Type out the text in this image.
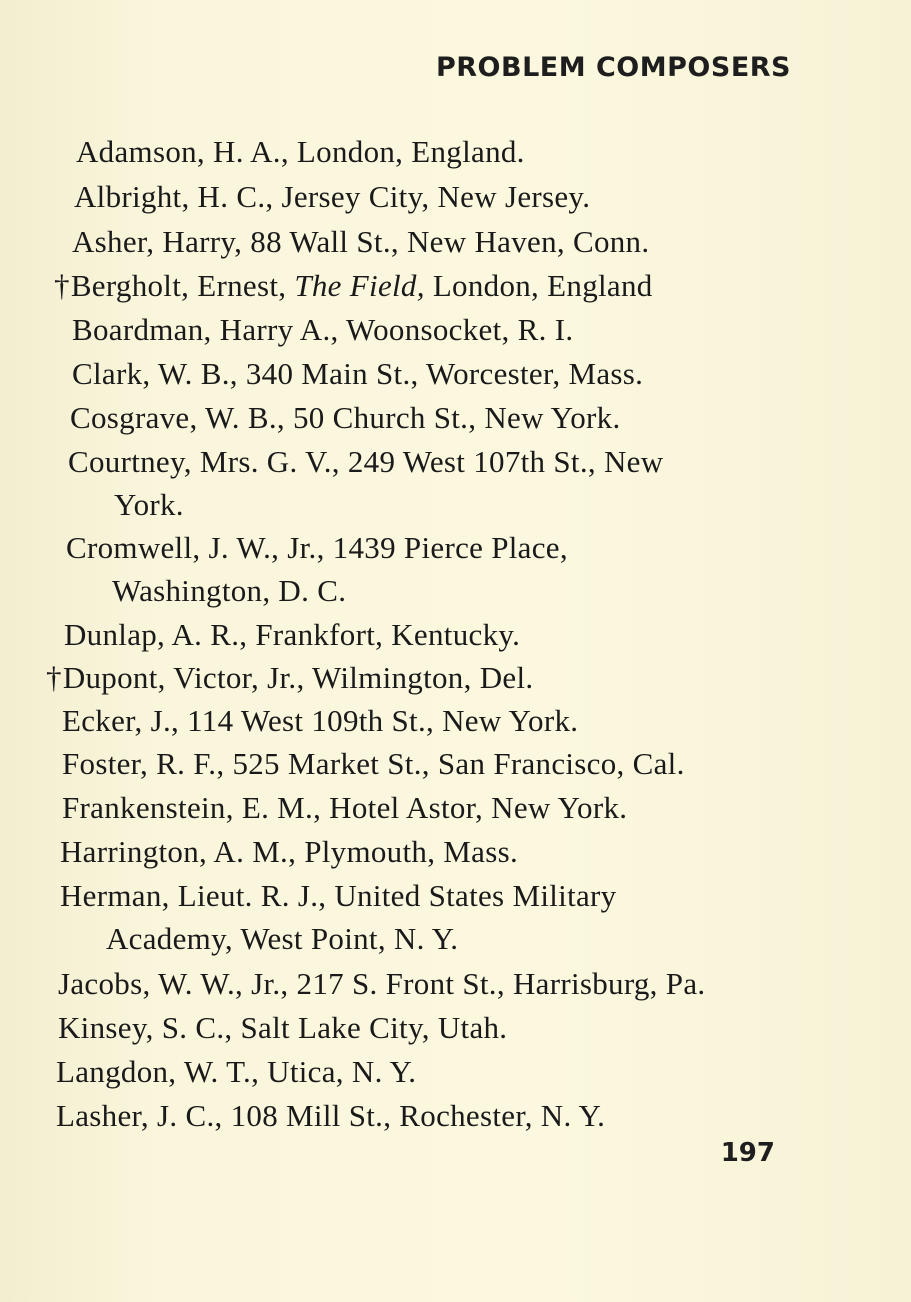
PROBLEM COMPOSERS
Adamson, H. A., London, England.
Albright, H. C., Jersey City, New Jersey.
Asher, Harry, 88 Wall St., New Haven, Conn.
†Bergholt, Ernest, The Field, London, England
Boardman, Harry A., Woonsocket, R. I.
Clark, W. B., 340 Main St., Worcester, Mass.
Cosgrave, W. B., 50 Church St., New York.
Courtney, Mrs. G. V., 249 West 107th St., New
York.
Cromwell, J. W., Jr., 1439 Pierce Place,
Washington, D. C.
Dunlap, A. R., Frankfort, Kentucky.
†Dupont, Victor, Jr., Wilmington, Del.
Ecker, J., 114 West 109th St., New York.
Foster, R. F., 525 Market St., San Francisco, Cal.
Frankenstein, E. M., Hotel Astor, New York.
Harrington, A. M., Plymouth, Mass.
Herman, Lieut. R. J., United States Military
Academy, West Point, N. Y.
Jacobs, W. W., Jr., 217 S. Front St., Harrisburg, Pa.
Kinsey, S. C., Salt Lake City, Utah.
Langdon, W. T., Utica, N. Y.
Lasher, J. C., 108 Mill St., Rochester, N. Y.
197
